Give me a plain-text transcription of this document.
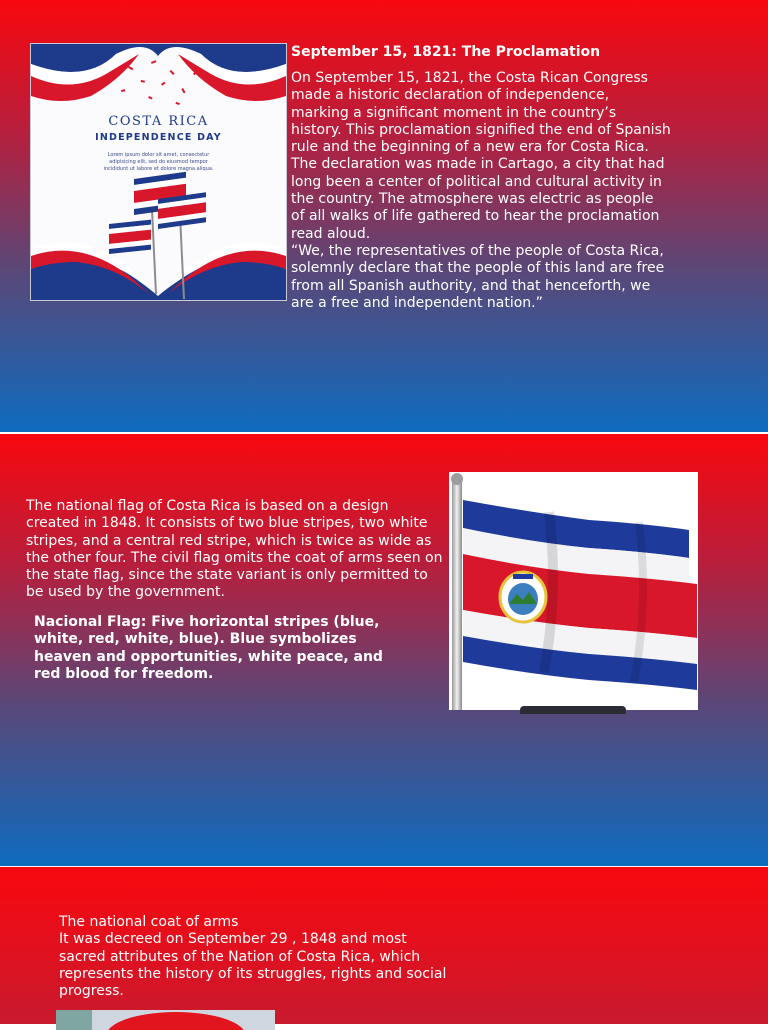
COSTA RICA
INDEPENDENCE DAY
Lorem ipsum dolor sit amet, consectetur adipisicing elit, sed do eiusmod tempor incididunt ut labore et dolore magna aliqua.
September 15, 1821: The Proclamation

On September 15, 1821, the Costa Rican Congress made a historic declaration of independence, marking a significant moment in the country’s history. This proclamation signified the end of Spanish rule and the beginning of a new era for Costa Rica.

The declaration was made in Cartago, a city that had long been a center of political and cultural activity in the country. The atmosphere was electric as people of all walks of life gathered to hear the proclamation read aloud.

“We, the representatives of the people of Costa Rica, solemnly declare that the people of this land are free from all Spanish authority, and that henceforth, we are a free and independent nation.”

The national flag of Costa Rica is based on a design created in 1848. It consists of two blue stripes, two white stripes, and a central red stripe, which is twice as wide as the other four. The civil flag omits the coat of arms seen on the state flag, since the state variant is only permitted to be used by the government.
Nacional Flag: Five horizontal stripes (blue, white, red, white, blue). Blue symbolizes heaven and opportunities, white peace, and red blood for freedom.

The national coat of arms

It was decreed on September 29 , 1848 and most sacred attributes of the Nation of Costa Rica, which represents the history of its struggles, rights and social progress.
